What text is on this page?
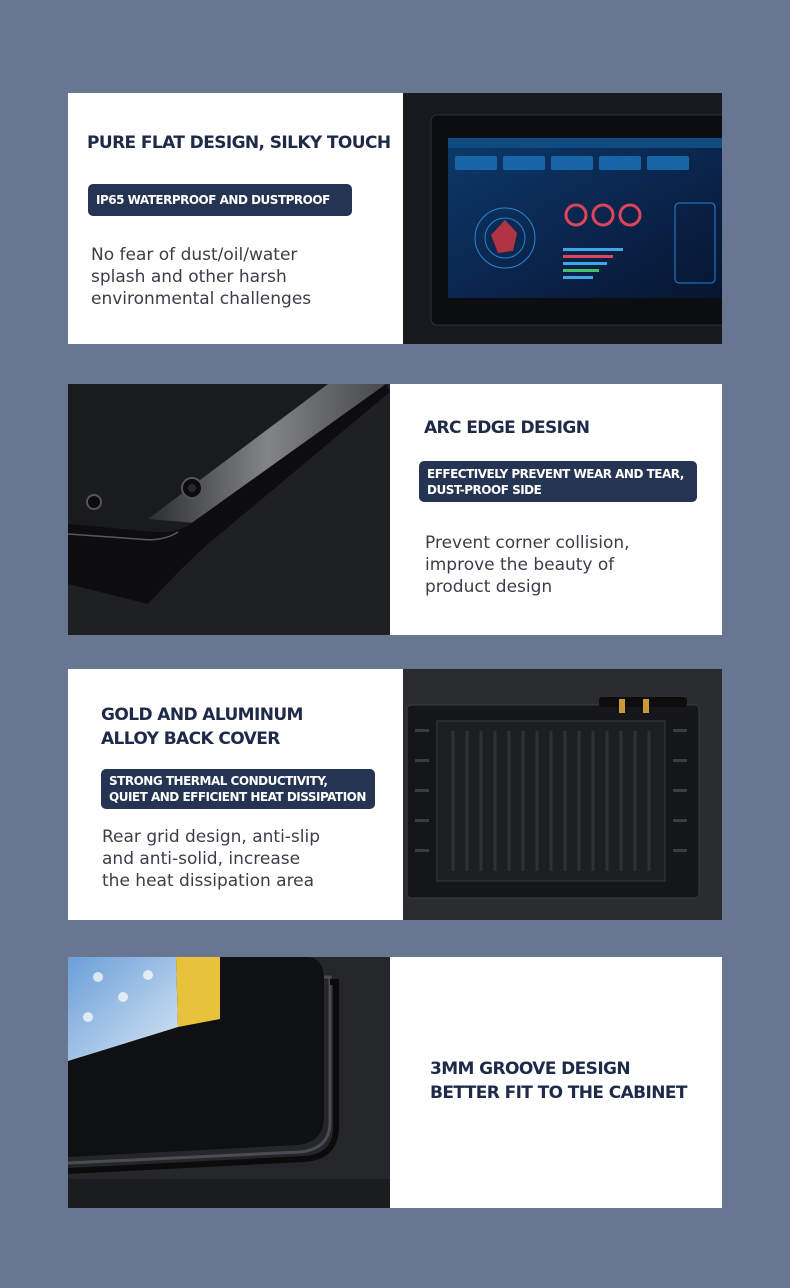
PURE FLAT DESIGN, SILKY TOUCH
IP65 WATERPROOF AND DUSTPROOF

No fear of dust/oil/water
splash and other harsh
environmental challenges

ARC EDGE DESIGN
EFFECTIVELY PREVENT WEAR AND TEAR,
DUST-PROOF SIDE

Prevent corner collision,
improve the beauty of
product design

GOLD AND ALUMINUM
ALLOY BACK COVER
STRONG THERMAL CONDUCTIVITY,
QUIET AND EFFICIENT HEAT DISSIPATION

Rear grid design, anti-slip
and anti-solid, increase
the heat dissipation area

3MM GROOVE DESIGN
BETTER FIT TO THE CABINET
